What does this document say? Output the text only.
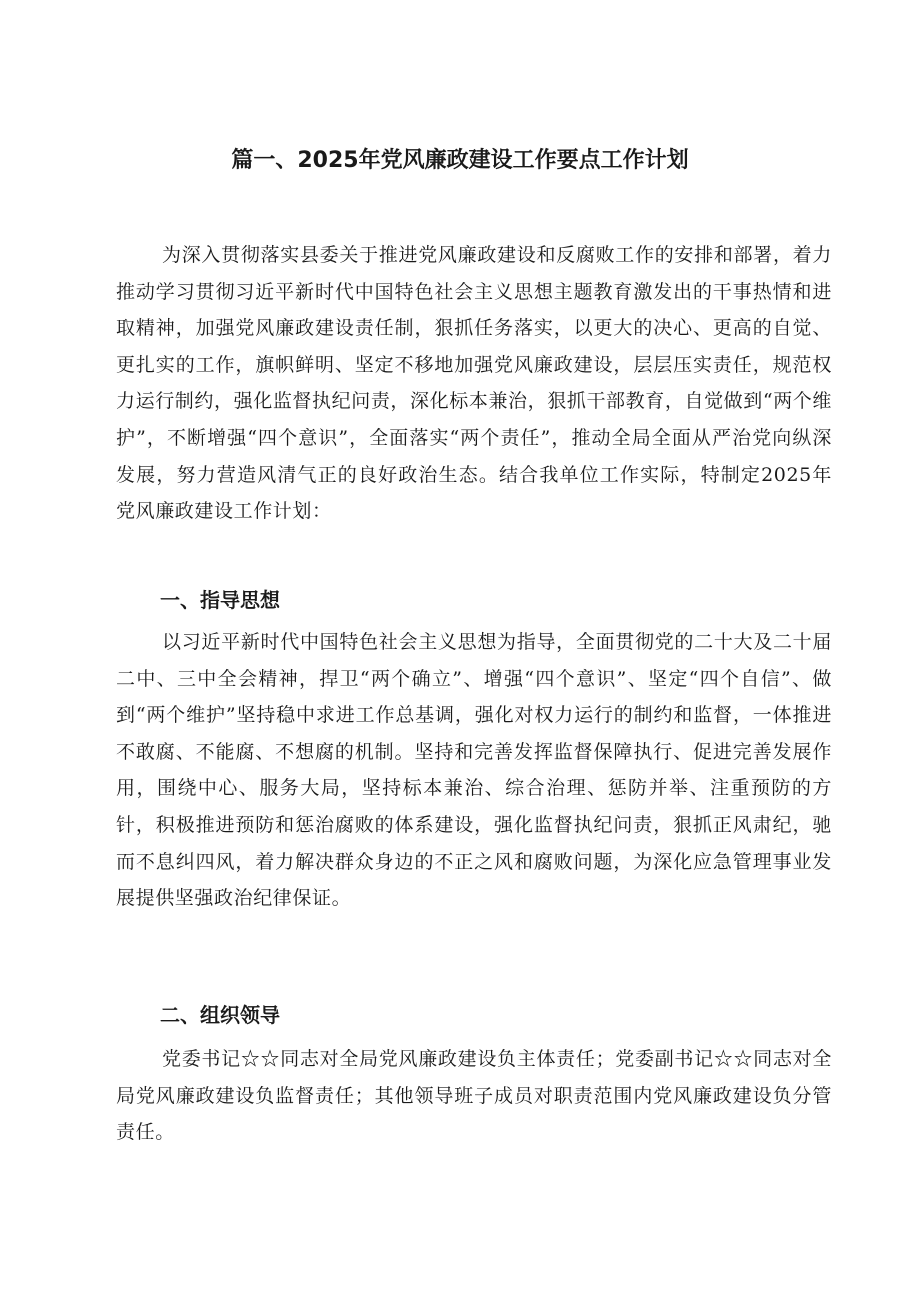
篇一、2025年党风廉政建设工作要点工作计划

为深入贯彻落实县委关于推进党风廉政建设和反腐败工作的安排和部署，着力推动学习贯彻习近平新时代中国特色社会主义思想主题教育激发出的干事热情和进取精神，加强党风廉政建设责任制，狠抓任务落实，以更大的决心、更高的自觉、更扎实的工作，旗帜鲜明、坚定不移地加强党风廉政建设，层层压实责任，规范权力运行制约，强化监督执纪问责，深化标本兼治，狠抓干部教育，自觉做到“两个维护”，不断增强“四个意识”，全面落实“两个责任”，推动全局全面从严治党向纵深发展，努力营造风清气正的良好政治生态。结合我单位工作实际，特制定2025年党风廉政建设工作计划：

一、指导思想

以习近平新时代中国特色社会主义思想为指导，全面贯彻党的二十大及二十届二中、三中全会精神，捍卫“两个确立”、增强“四个意识”、坚定“四个自信”、做到“两个维护”坚持稳中求进工作总基调，强化对权力运行的制约和监督，一体推进不敢腐、不能腐、不想腐的机制。坚持和完善发挥监督保障执行、促进完善发展作用，围绕中心、服务大局，坚持标本兼治、综合治理、惩防并举、注重预防的方针，积极推进预防和惩治腐败的体系建设，强化监督执纪问责，狠抓正风肃纪，驰而不息纠四风，着力解决群众身边的不正之风和腐败问题，为深化应急管理事业发展提供坚强政治纪律保证。

二、组织领导

党委书记☆☆同志对全局党风廉政建设负主体责任；党委副书记☆☆同志对全局党风廉政建设负监督责任；其他领导班子成员对职责范围内党风廉政建设负分管责任。
